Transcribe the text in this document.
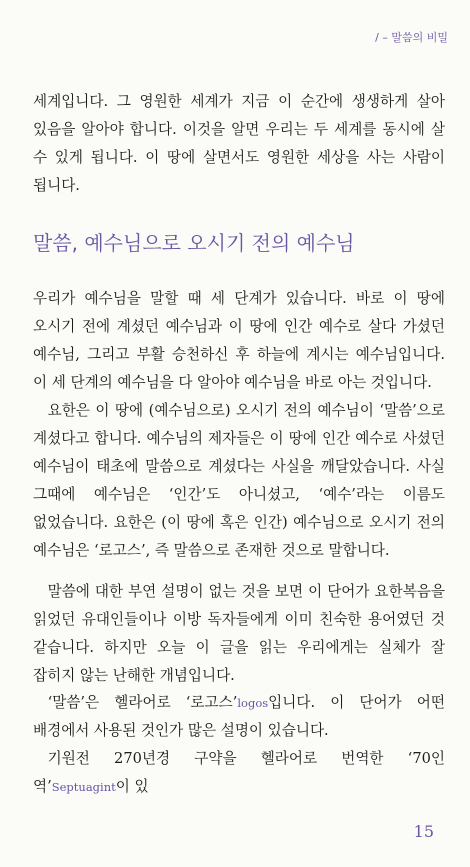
/ – 말씀의 비밀

세계입니다. 그 영원한 세계가 지금 이 순간에 생생하게 살아 있음을 알아야 합니다. 이것을 알면 우리는 두 세계를 동시에 살 수 있게 됩니다. 이 땅에 살면서도 영원한 세상을 사는 사람이 됩니다.

말씀, 예수님으로 오시기 전의 예수님

우리가 예수님을 말할 때 세 단계가 있습니다. 바로 이 땅에 오시기 전에 계셨던 예수님과 이 땅에 인간 예수로 살다 가셨던 예수님, 그리고 부활 승천하신 후 하늘에 계시는 예수님입니다. 이 세 단계의 예수님을 다 알아야 예수님을 바로 아는 것입니다.

요한은 이 땅에 (예수님으로) 오시기 전의 예수님이 ‘말씀’으로 계셨다고 합니다. 예수님의 제자들은 이 땅에 인간 예수로 사셨던 예수님이 태초에 말씀으로 계셨다는 사실을 깨달았습니다. 사실 그때에 예수님은 ‘인간’도 아니셨고, ‘예수’라는 이름도 없었습니다. 요한은 (이 땅에 혹은 인간) 예수님으로 오시기 전의 예수님은 ‘로고스’, 즉 말씀으로 존재한 것으로 말합니다.

말씀에 대한 부연 설명이 없는 것을 보면 이 단어가 요한복음을 읽었던 유대인들이나 이방 독자들에게 이미 친숙한 용어였던 것 같습니다. 하지만 오늘 이 글을 읽는 우리에게는 실체가 잘 잡히지 않는 난해한 개념입니다.

‘말씀’은 헬라어로 ‘로고스’logos입니다. 이 단어가 어떤 배경에서 사용된 것인가 많은 설명이 있습니다.

기원전 270년경 구약을 헬라어로 번역한 ‘70인 역’Septuagint이 있

15
